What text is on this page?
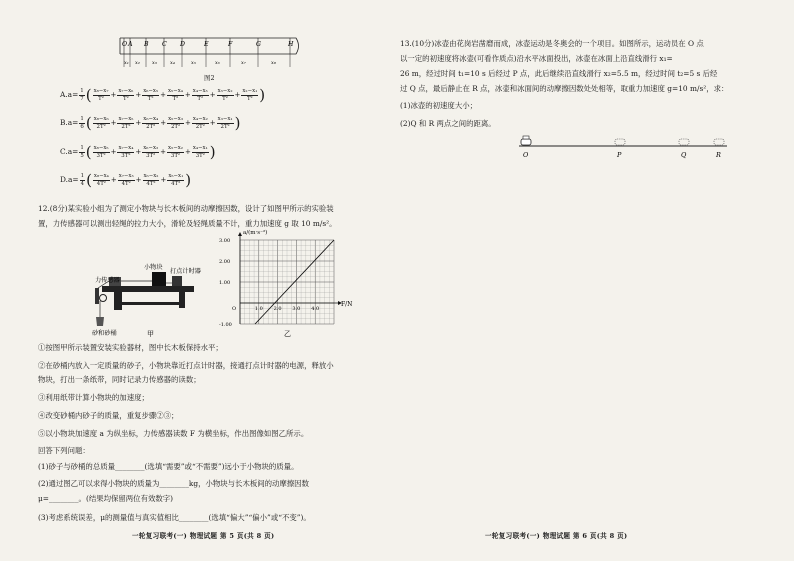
O A B C D	E	F	G	H
x₁ x₂ x₃	x₄	x₅	x₆	x₇	x₈
图2
$A.a= \frac{1}{7}$ ( $\frac{\text{x₈−x₇}}{\text{T²}} + \frac{\text{x₇−x₆}}{\text{T²}} + \frac{\text{x₆−x₅}}{\text{T²}} + \frac{\text{x₅−x₄}}{\text{T²}} + \frac{\text{x₄−x₃}}{\text{T²}} + \frac{\text{x₃−x₂}}{\text{T²}} + \frac{\text{x₂−x₁}}{\text{T²}}$ )
$B.a= \frac{1}{6}$ ( $\frac{\text{x₈−x₆}}{\text{2T²}} + \frac{\text{x₇−x₅}}{\text{2T²}} + \frac{\text{x₆−x₄}}{\text{2T²}} + \frac{\text{x₅−x₃}}{\text{2T²}} + \frac{\text{x₄−x₂}}{\text{2T²}} + \frac{\text{x₃−x₁}}{\text{2T²}}$ )
$C.a= \frac{1}{5}$ ( $\frac{\text{x₈−x₅}}{\text{3T²}} + \frac{\text{x₇−x₄}}{\text{3T²}} + \frac{\text{x₆−x₃}}{\text{3T²}} + \frac{\text{x₅−x₂}}{\text{3T²}} + \frac{\text{x₄−x₁}}{\text{3T²}}$ )
$D.a= \frac{1}{4}$ ( $\frac{\text{x₈−x₄}}{\text{4T²}} + \frac{\text{x₇−x₃}}{\text{4T²}} + \frac{\text{x₆−x₂}}{\text{4T²}} + \frac{\text{x₅−x₁}}{\text{4T²}}$ )
12.(8分)某实验小组为了测定小物块与长木板间的动摩擦因数，设计了如图甲所示的实验装
置，力传感器可以测出轻绳的拉力大小，滑轮及轻绳质量不计，重力加速度 g 取 10 m/s²。
力传感器
小物块
打点计时器
砂和砂桶	甲
3.00
2.00
1.00
-1.00
1.0 2.0 3.0 4.0
O
a/(m·s⁻²)
F/N
乙
①按图甲所示装置安装实验器材，图中长木板保持水平；
②在砂桶内放入一定质量的砂子，小物块靠近打点计时器，接通打点计时器的电源，释放小
物块，打出一条纸带，同时记录力传感器的读数；
③利用纸带计算小物块的加速度；
④改变砂桶内砂子的质量，重复步骤②③；
⑤以小物块加速度 a 为纵坐标，力传感器读数 F 为横坐标，作出图像如图乙所示。
回答下列问题：
(1)砂子与砂桶的总质量________(选填“需要”或“不需要”)远小于小物块的质量。
(2)通过图乙可以求得小物块的质量为________kg，小物块与长木板间的动摩擦因数
μ=________。(结果均保留两位有效数字)
(3)考虑系统误差，μ的测量值与真实值相比________(选填“偏大”“偏小”或“不变”)。
一轮复习联考(一) 物理试题 第 5 页(共 8 页)
13.(10分)冰壶由花岗岩凿磨而成，冰壶运动是冬奥会的一个项目。如图所示，运动员在 O 点
以一定的初速度将冰壶(可看作质点)沿水平冰面投出，冰壶在冰面上沿直线滑行 x₁=
26 m，经过时间 t₁=10 s 后经过 P 点，此后继续沿直线滑行 x₂=5.5 m，经过时间 t₂=5 s 后经
过 Q 点，最后静止在 R 点，冰壶和冰面间的动摩擦因数处处相等，取重力加速度 g=10 m/s²，求：
(1)冰壶的初速度大小；
(2)Q 和 R 两点之间的距离。
O	P	Q	R
一轮复习联考(一) 物理试题 第 6 页(共 8 页)
